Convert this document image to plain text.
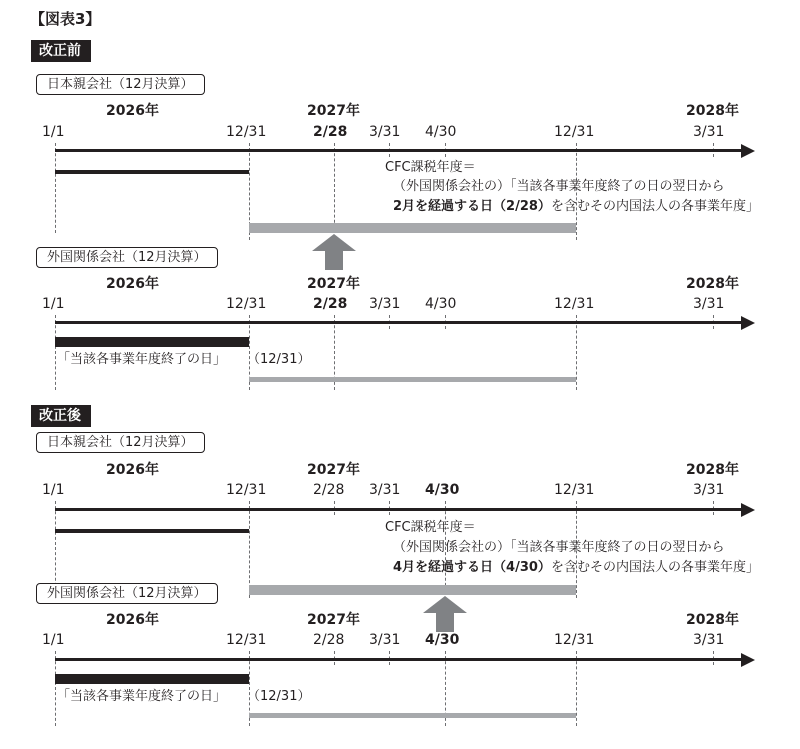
【図表3】
改正前
日本親会社（12月決算）
2026年	2027年	2028年
1/1	12/31	2/28 3/31 4/30	12/31	3/31
CFC課税年度＝
（外国関係会社の）「当該各事業年度終了の日の翌日から
2月を経過する日（2/28）を含むその内国法人の各事業年度」
外国関係会社（12月決算）
2026年	2027年	2028年
1/1	12/31	2/28 3/31 4/30	12/31	3/31
「当該各事業年度終了の日」 （12/31）
改正後
日本親会社（12月決算）
2026年	2027年	2028年
1/1	12/31	2/28 3/31 4/30	12/31	3/31
CFC課税年度＝
（外国関係会社の）「当該各事業年度終了の日の翌日から
4月を経過する日（4/30）を含むその内国法人の各事業年度」
外国関係会社（12月決算）
2026年	2027年	2028年
1/1	12/31	2/28 3/31 4/30	12/31	3/31
「当該各事業年度終了の日」 （12/31）
